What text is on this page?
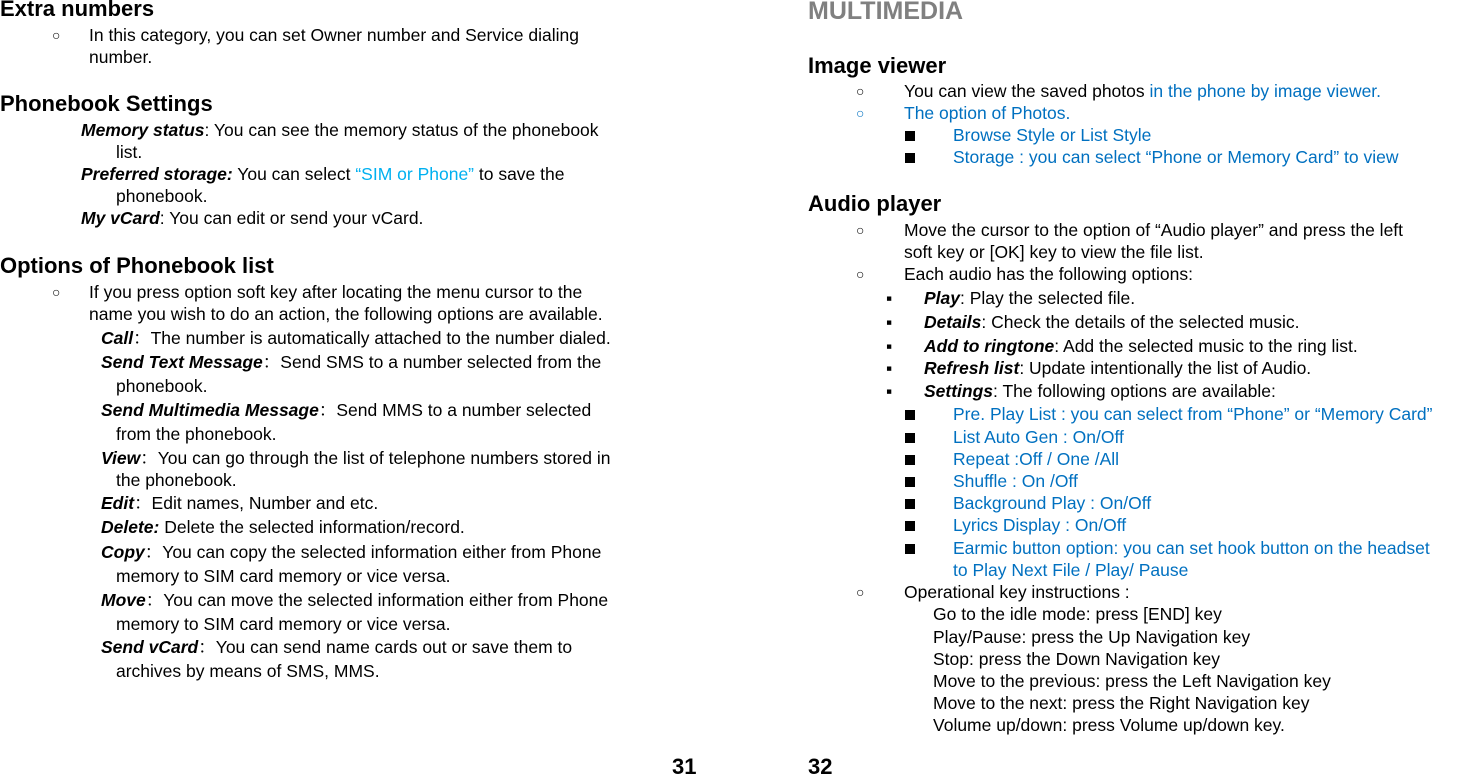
Extra numbers
○ In this category, you can set Owner number and Service dialing
number.
Phonebook Settings
Memory status: You can see the memory status of the phonebook
list.
Preferred storage: You can select “SIM or Phone” to save the
phonebook.
My vCard: You can edit or send your vCard.
Options of Phonebook list
○ If you press option soft key after locating the menu cursor to the
name you wish to do an action, the following options are available.
Call：The number is automatically attached to the number dialed.
Send Text Message：Send SMS to a number selected from the
phonebook.
Send Multimedia Message：Send MMS to a number selected
from the phonebook.
View：You can go through the list of telephone numbers stored in
the phonebook.
Edit：Edit names, Number and etc.
Delete: Delete the selected information/record.
Copy：You can copy the selected information either from Phone
memory to SIM card memory or vice versa.
Move：You can move the selected information either from Phone
memory to SIM card memory or vice versa.
Send vCard：You can send name cards out or save them to
archives by means of SMS, MMS.
31
MULTIMEDIA
Image viewer
○ You can view the saved photos in the phone by image viewer.
○ The option of Photos.
Browse Style or List Style
Storage : you can select “Phone or Memory Card” to view
Audio player
○ Move the cursor to the option of “Audio player” and press the left
soft key or [OK] key to view the file list.
○ Each audio has the following options:
▪ Play: Play the selected file.
▪ Details: Check the details of the selected music.
▪ Add to ringtone: Add the selected music to the ring list.
▪ Refresh list: Update intentionally the list of Audio.
▪ Settings: The following options are available:
Pre. Play List : you can select from “Phone” or “Memory Card”
List Auto Gen : On/Off
Repeat :Off / One /All
Shuffle : On /Off
Background Play : On/Off
Lyrics Display : On/Off
Earmic button option: you can set hook button on the headset
to Play Next File / Play/ Pause
○ Operational key instructions :
Go to the idle mode: press [END] key
Play/Pause: press the Up Navigation key
Stop: press the Down Navigation key
Move to the previous: press the Left Navigation key
Move to the next: press the Right Navigation key
Volume up/down: press Volume up/down key.
32
